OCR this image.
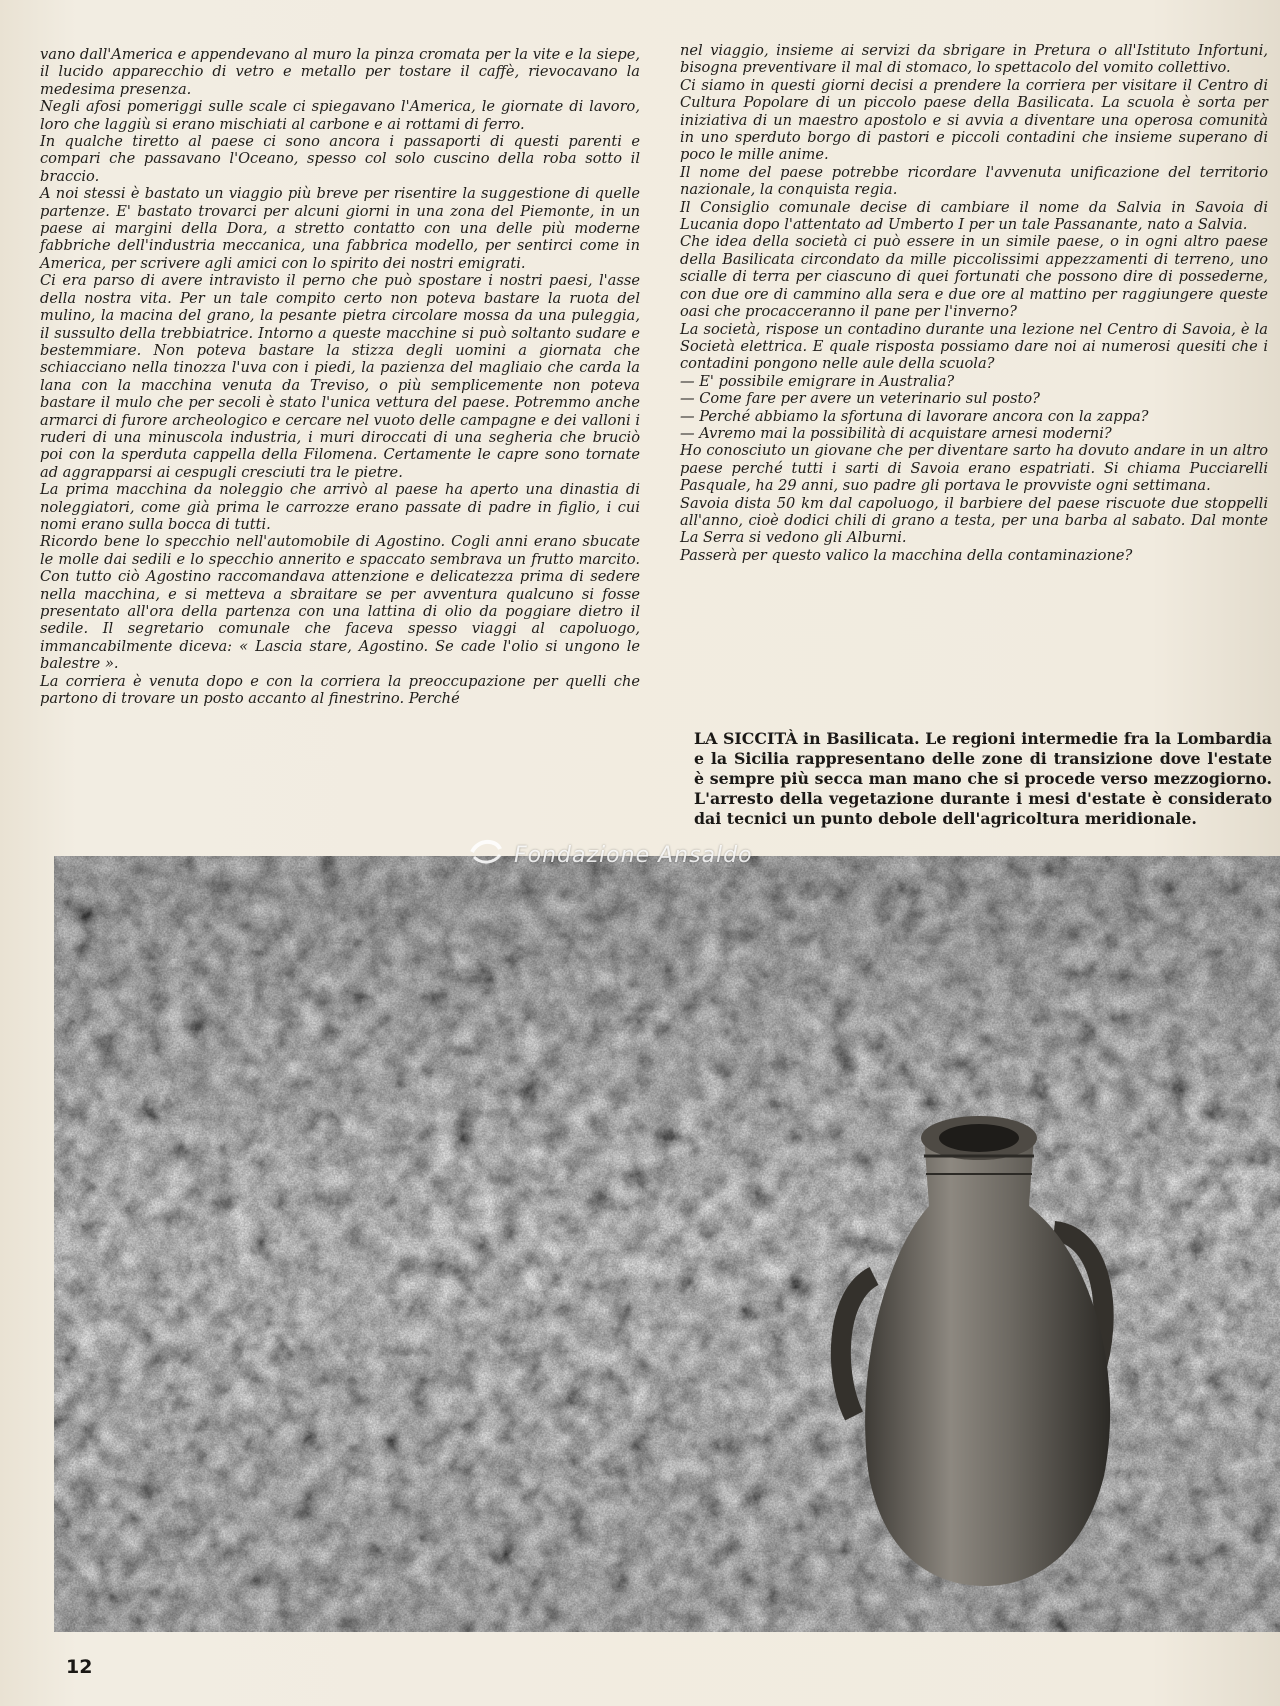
vano dall'America e appendevano al muro la pinza cromata per la vite e la siepe, il lucido apparecchio di vetro e metallo per tostare il caffè, rievocavano la medesima presenza.

Negli afosi pomeriggi sulle scale ci spiegavano l'America, le giornate di lavoro, loro che laggiù si erano mischiati al carbone e ai rottami di ferro.

In qualche tiretto al paese ci sono ancora i passaporti di questi parenti e compari che passavano l'Oceano, spesso col solo cuscino della roba sotto il braccio.

A noi stessi è bastato un viaggio più breve per risentire la suggestione di quelle partenze. E' bastato trovarci per alcuni giorni in una zona del Piemonte, in un paese ai margini della Dora, a stretto contatto con una delle più moderne fabbriche dell'industria meccanica, una fabbrica modello, per sentirci come in America, per scrivere agli amici con lo spirito dei nostri emigrati.

Ci era parso di avere intravisto il perno che può spostare i nostri paesi, l'asse della nostra vita. Per un tale compito certo non poteva bastare la ruota del mulino, la macina del grano, la pesante pietra circolare mossa da una puleggia, il sussulto della trebbiatrice. Intorno a queste macchine si può soltanto sudare e bestemmiare. Non poteva bastare la stizza degli uomini a giornata che schiacciano nella tinozza l'uva con i piedi, la pazienza del magliaio che carda la lana con la macchina venuta da Treviso, o più semplicemente non poteva bastare il mulo che per secoli è stato l'unica vettura del paese. Potremmo anche armarci di furore archeologico e cercare nel vuoto delle campagne e dei valloni i ruderi di una minuscola industria, i muri diroccati di una segheria che bruciò poi con la sperduta cappella della Filomena. Certamente le capre sono tornate ad aggrapparsi ai cespugli cresciuti tra le pietre.

La prima macchina da noleggio che arrivò al paese ha aperto una dinastia di noleggiatori, come già prima le carrozze erano passate di padre in figlio, i cui nomi erano sulla bocca di tutti.

Ricordo bene lo specchio nell'automobile di Agostino. Cogli anni erano sbucate le molle dai sedili e lo specchio annerito e spaccato sembrava un frutto marcito. Con tutto ciò Agostino raccomandava attenzione e delicatezza prima di sedere nella macchina, e si metteva a sbraitare se per avventura qualcuno si fosse presentato all'ora della partenza con una lattina di olio da poggiare dietro il sedile. Il segretario comunale che faceva spesso viaggi al capoluogo, immancabilmente diceva: « Lascia stare, Agostino. Se cade l'olio si ungono le balestre ».

La corriera è venuta dopo e con la corriera la preoccupazione per quelli che partono di trovare un posto accanto al finestrino. Perché

nel viaggio, insieme ai servizi da sbrigare in Pretura o all'Istituto Infortuni, bisogna preventivare il mal di stomaco, lo spettacolo del vomito collettivo.

Ci siamo in questi giorni decisi a prendere la corriera per visitare il Centro di Cultura Popolare di un piccolo paese della Basilicata. La scuola è sorta per iniziativa di un maestro apostolo e si avvia a diventare una operosa comunità in uno sperduto borgo di pastori e piccoli contadini che insieme superano di poco le mille anime.

Il nome del paese potrebbe ricordare l'avvenuta unificazione del territorio nazionale, la conquista regia.

Il Consiglio comunale decise di cambiare il nome da Salvia in Savoia di Lucania dopo l'attentato ad Umberto I per un tale Passanante, nato a Salvia.

Che idea della società ci può essere in un simile paese, o in ogni altro paese della Basilicata circondato da mille piccolissimi appezzamenti di terreno, uno scialle di terra per ciascuno di quei fortunati che possono dire di possederne, con due ore di cammino alla sera e due ore al mattino per raggiungere queste oasi che procacceranno il pane per l'inverno?

La società, rispose un contadino durante una lezione nel Centro di Savoia, è la Società elettrica. E quale risposta possiamo dare noi ai numerosi quesiti che i contadini pongono nelle aule della scuola?

— E' possibile emigrare in Australia?

— Come fare per avere un veterinario sul posto?

— Perché abbiamo la sfortuna di lavorare ancora con la zappa?

— Avremo mai la possibilità di acquistare arnesi moderni?

Ho conosciuto un giovane che per diventare sarto ha dovuto andare in un altro paese perché tutti i sarti di Savoia erano espatriati. Si chiama Pucciarelli Pasquale, ha 29 anni, suo padre gli portava le provviste ogni settimana.

Savoia dista 50 km dal capoluogo, il barbiere del paese riscuote due stoppelli all'anno, cioè dodici chili di grano a testa, per una barba al sabato. Dal monte La Serra si vedono gli Alburni.

Passerà per questo valico la macchina della contaminazione?

LA SICCITÀ in Basilicata. Le regioni intermedie fra la Lombardia e la Sicilia rappresentano delle zone di transizione dove l'estate è sempre più secca man mano che si procede verso mezzogiorno. L'arresto della vegetazione durante i mesi d'estate è considerato dai tecnici un punto debole dell'agricoltura meridionale.
Fondazione Ansaldo
12
